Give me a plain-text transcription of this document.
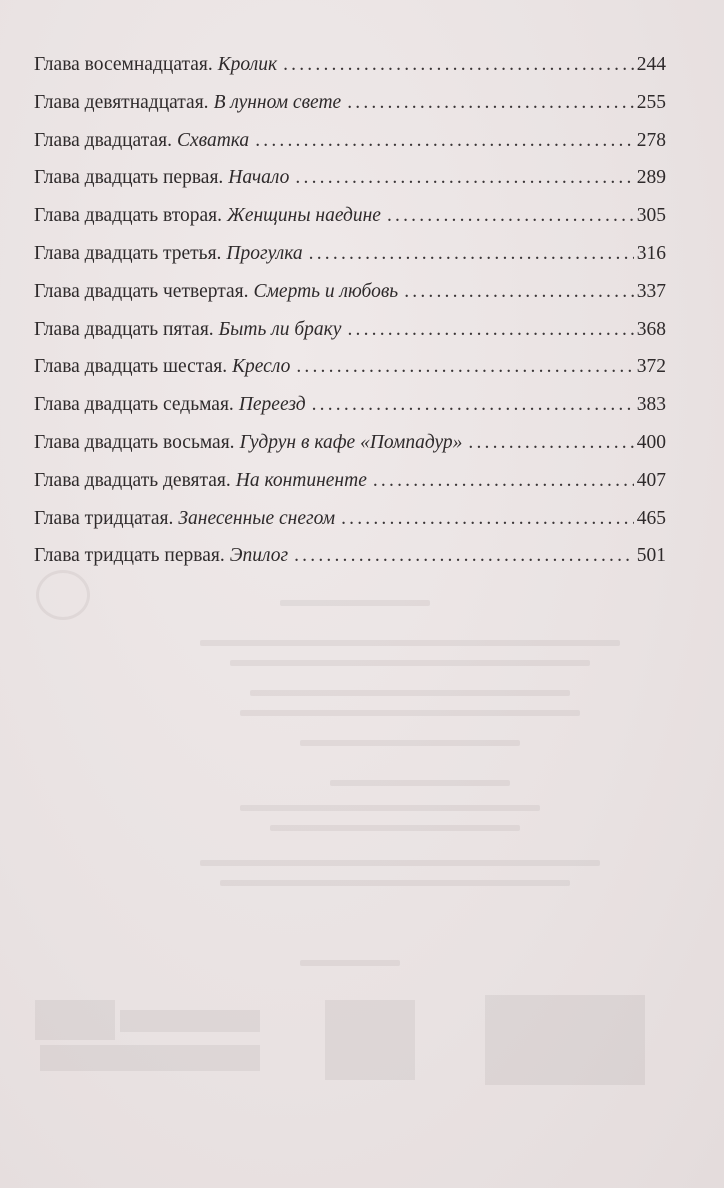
Глава восемнадцатая. Кролик .....	244
Глава девятнадцатая. В лунном свете .....	255
Глава двадцатая. Схватка .....	278
Глава двадцать первая. Начало .....	289
Глава двадцать вторая. Женщины наедине .....	305
Глава двадцать третья. Прогулка .....	316
Глава двадцать четвертая. Смерть и любовь .....	337
Глава двадцать пятая. Быть ли браку .....	368
Глава двадцать шестая. Кресло .....	372
Глава двадцать седьмая. Переезд .....	383
Глава двадцать восьмая. Гудрун в кафе «Помпадур» .....	400
Глава двадцать девятая. На континенте .....	407
Глава тридцатая. Занесенные снегом .....	465
Глава тридцать первая. Эпилог .....	501
